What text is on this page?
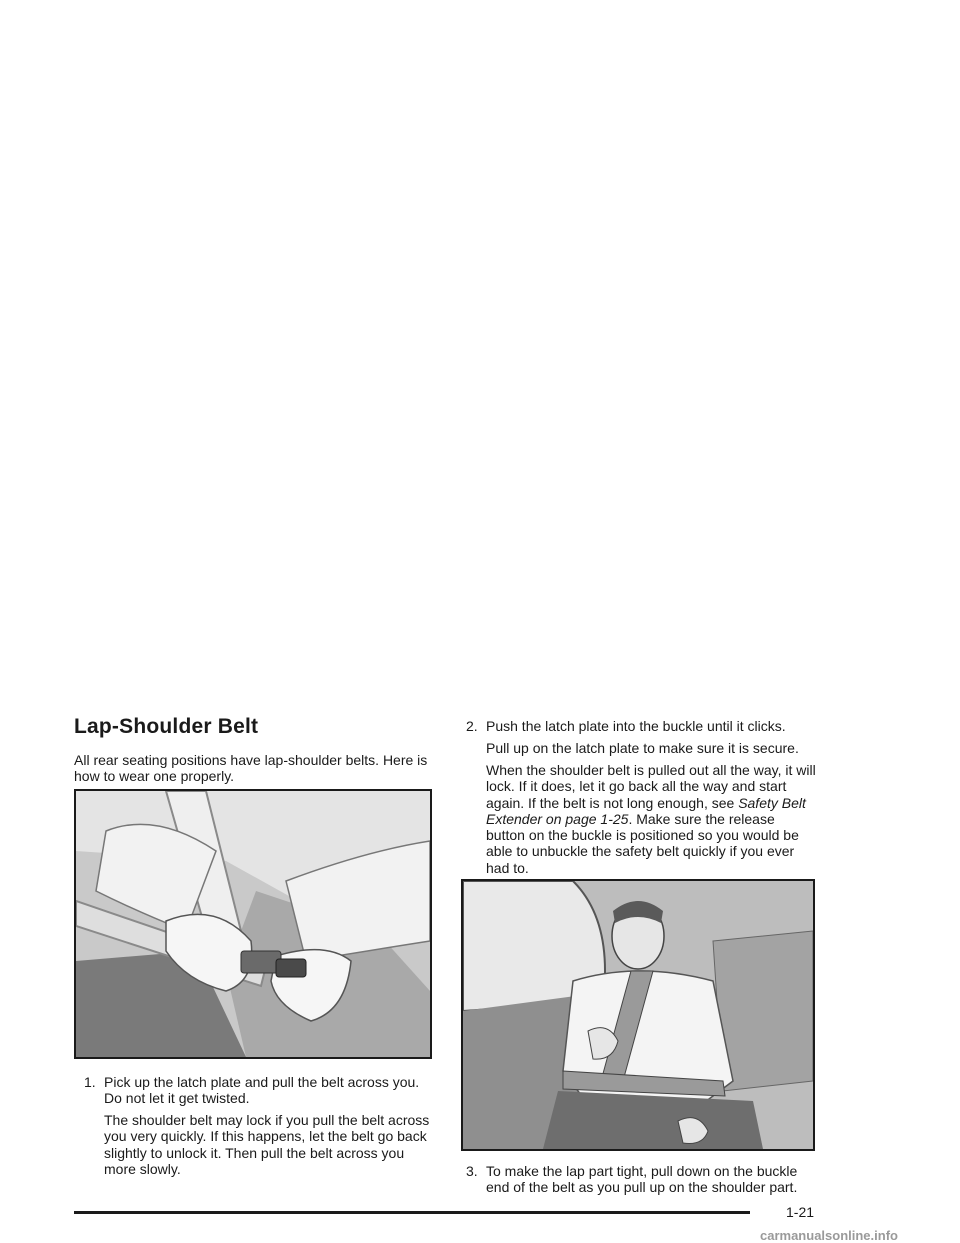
Lap-Shoulder Belt

All rear seating positions have lap-shoulder belts. Here is how to wear one properly.

1. Pick up the latch plate and pull the belt across you. Do not let it get twisted.

The shoulder belt may lock if you pull the belt across you very quickly. If this happens, let the belt go back slightly to unlock it. Then pull the belt across you more slowly.

2. Push the latch plate into the buckle until it clicks.

Pull up on the latch plate to make sure it is secure.

When the shoulder belt is pulled out all the way, it will lock. If it does, let it go back all the way and start again. If the belt is not long enough, see Safety Belt Extender on page 1-25. Make sure the release button on the buckle is positioned so you would be able to unbuckle the safety belt quickly if you ever had to.

3. To make the lap part tight, pull down on the buckle end of the belt as you pull up on the shoulder part.

1-21
carmanualsonline.info
